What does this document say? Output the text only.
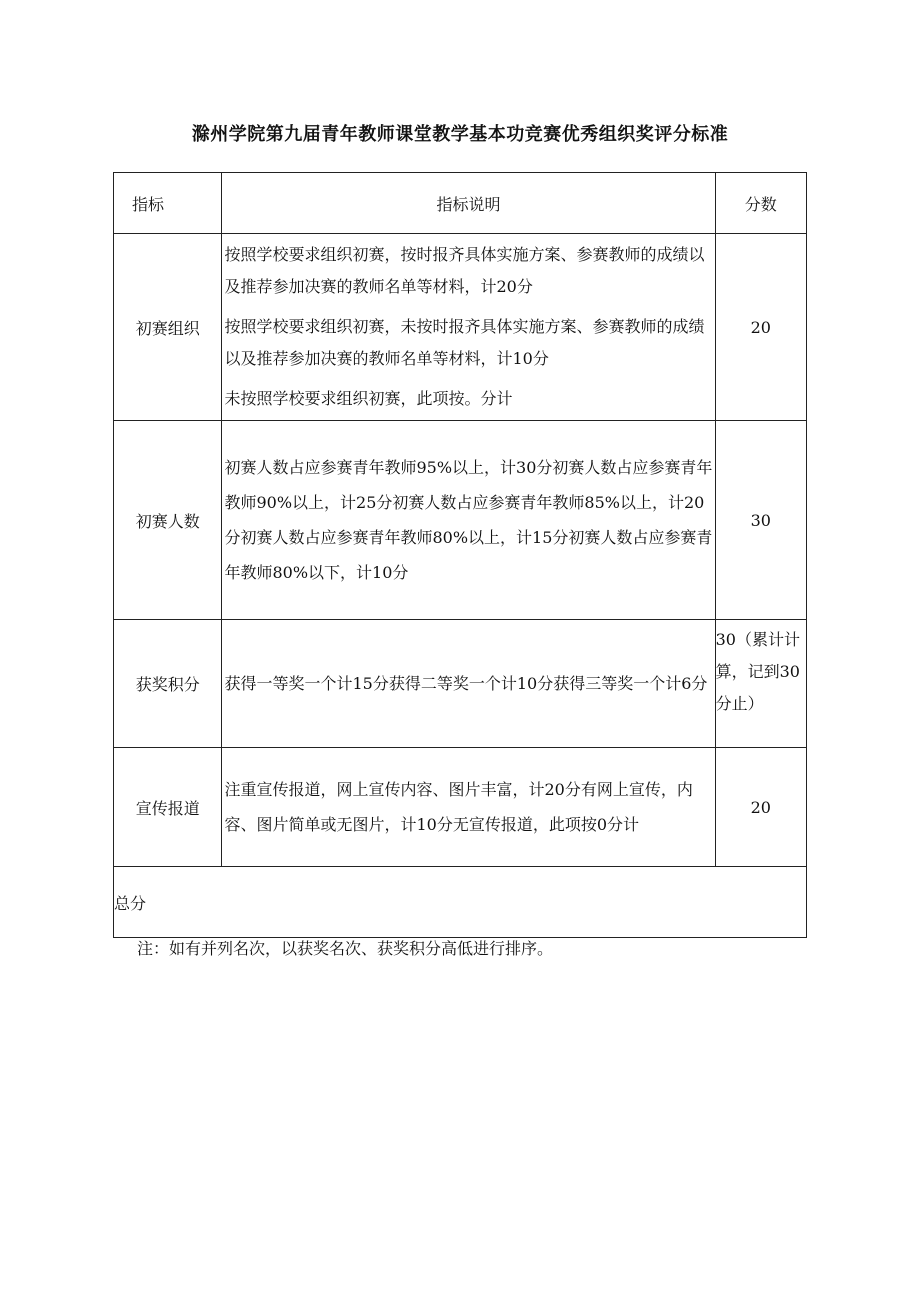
滁州学院第九届青年教师课堂教学基本功竞赛优秀组织奖评分标准
指标	指标说明	分数
初赛组织	按照学校要求组织初赛，按时报齐具体实施方案、参赛教师的成绩以及推荐参加决赛的教师名单等材料，计20分
按照学校要求组织初赛，未按时报齐具体实施方案、参赛教师的成绩以及推荐参加决赛的教师名单等材料，计10分
未按照学校要求组织初赛，此项按。分计	20
初赛人数	初赛人数占应参赛青年教师95%以上，计30分初赛人数占应参赛青年教师90%以上，计25分初赛人数占应参赛青年教师85%以上，计20分初赛人数占应参赛青年教师80%以上，计15分初赛人数占应参赛青年教师80%以下，计10分	30
获奖积分	获得一等奖一个计15分获得二等奖一个计10分获得三等奖一个计6分	30（累计计算，记到30分止）
宣传报道	注重宣传报道，网上宣传内容、图片丰富，计20分有网上宣传，内容、图片简单或无图片，计10分无宣传报道，此项按0分计	20
总分		
注：如有并列名次，以获奖名次、获奖积分高低进行排序。
